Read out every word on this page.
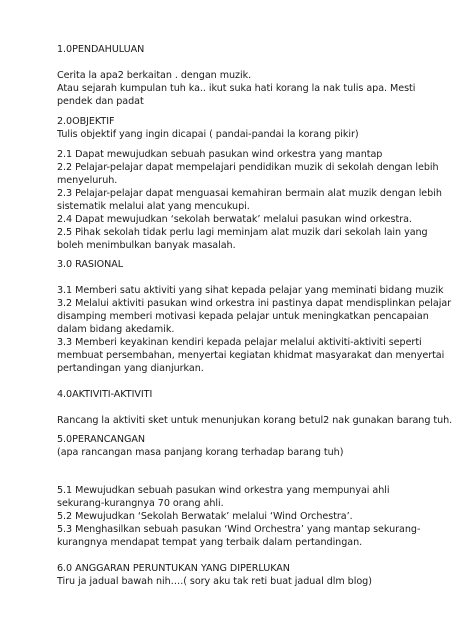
1.0PENDAHULUAN
Cerita la apa2 berkaitan . dengan muzik.
Atau sejarah kumpulan tuh ka.. ikut suka hati korang la nak tulis apa. Mesti
pendek dan padat
2.0OBJEKTIF
Tulis objektif yang ingin dicapai ( pandai-pandai la korang pikir)
2.1 Dapat mewujudkan sebuah pasukan wind orkestra yang mantap
2.2 Pelajar-pelajar dapat mempelajari pendidikan muzik di sekolah dengan lebih
menyeluruh.
2.3 Pelajar-pelajar dapat menguasai kemahiran bermain alat muzik dengan lebih
sistematik melalui alat yang mencukupi.
2.4 Dapat mewujudkan ‘sekolah berwatak’ melalui pasukan wind orkestra.
2.5 Pihak sekolah tidak perlu lagi meminjam alat muzik dari sekolah lain yang
boleh menimbulkan banyak masalah.
3.0 RASIONAL
3.1 Memberi satu aktiviti yang sihat kepada pelajar yang meminati bidang muzik
3.2 Melalui aktiviti pasukan wind orkestra ini pastinya dapat mendisplinkan pelajar
disamping memberi motivasi kepada pelajar untuk meningkatkan pencapaian
dalam bidang akedamik.
3.3 Memberi keyakinan kendiri kepada pelajar melalui aktiviti-aktiviti seperti
membuat persembahan, menyertai kegiatan khidmat masyarakat dan menyertai
pertandingan yang dianjurkan.
4.0AKTIVITI-AKTIVITI
Rancang la aktiviti sket untuk menunjukan korang betul2 nak gunakan barang tuh.
5.0PERANCANGAN
(apa rancangan masa panjang korang terhadap barang tuh)
5.1 Mewujudkan sebuah pasukan wind orkestra yang mempunyai ahli
sekurang-kurangnya 70 orang ahli.
5.2 Mewujudkan ‘Sekolah Berwatak’ melalui ‘Wind Orchestra’.
5.3 Menghasilkan sebuah pasukan ‘Wind Orchestra’ yang mantap sekurang-
kurangnya mendapat tempat yang terbaik dalam pertandingan.
6.0 ANGGARAN PERUNTUKAN YANG DIPERLUKAN
Tiru ja jadual bawah nih….( sory aku tak reti buat jadual dlm blog)
